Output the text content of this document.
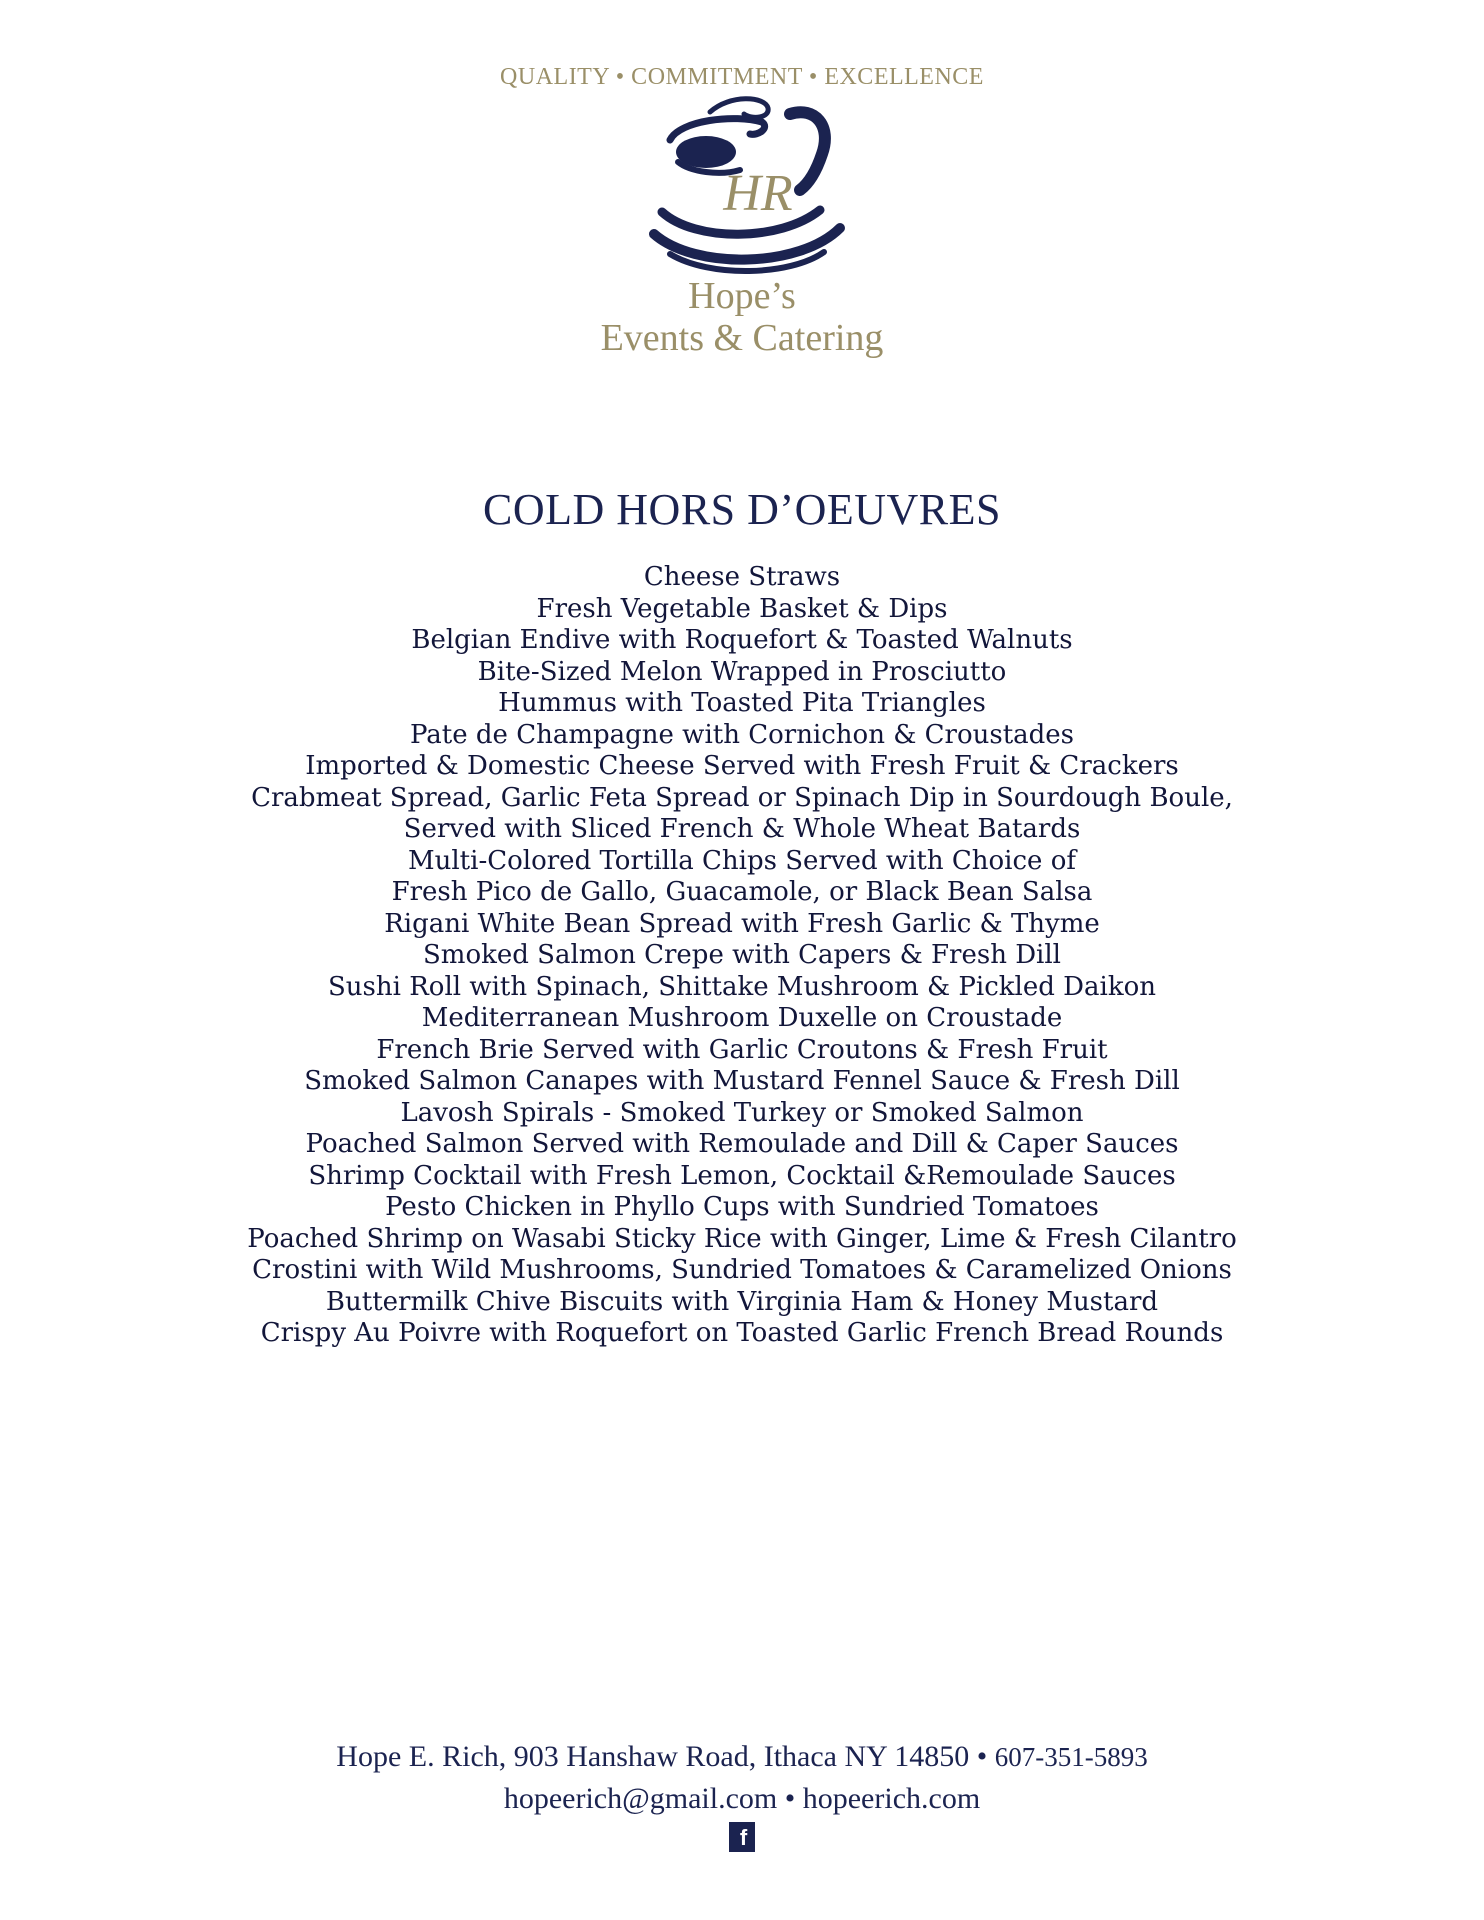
QUALITY • COMMITMENT • EXCELLENCE
HR
Hope’s
Events & Catering
COLD HORS D’OEUVRES
Cheese Straws
Fresh Vegetable Basket & Dips
Belgian Endive with Roquefort & Toasted Walnuts
Bite-Sized Melon Wrapped in Prosciutto
Hummus with Toasted Pita Triangles
Pate de Champagne with Cornichon & Croustades
Imported & Domestic Cheese Served with Fresh Fruit & Crackers
Crabmeat Spread, Garlic Feta Spread or Spinach Dip in Sourdough Boule,
Served with Sliced French & Whole Wheat Batards
Multi-Colored Tortilla Chips Served with Choice of
Fresh Pico de Gallo, Guacamole, or Black Bean Salsa
Rigani White Bean Spread with Fresh Garlic & Thyme
Smoked Salmon Crepe with Capers & Fresh Dill
Sushi Roll with Spinach, Shittake Mushroom & Pickled Daikon
Mediterranean Mushroom Duxelle on Croustade
French Brie Served with Garlic Croutons & Fresh Fruit
Smoked Salmon Canapes with Mustard Fennel Sauce & Fresh Dill
Lavosh Spirals - Smoked Turkey or Smoked Salmon
Poached Salmon Served with Remoulade and Dill & Caper Sauces
Shrimp Cocktail with Fresh Lemon, Cocktail &Remoulade Sauces
Pesto Chicken in Phyllo Cups with Sundried Tomatoes
Poached Shrimp on Wasabi Sticky Rice with Ginger, Lime & Fresh Cilantro
Crostini with Wild Mushrooms, Sundried Tomatoes & Caramelized Onions
Buttermilk Chive Biscuits with Virginia Ham & Honey Mustard
Crispy Au Poivre with Roquefort on Toasted Garlic French Bread Rounds
Hope E. Rich, 903 Hanshaw Road, Ithaca NY 14850 • 607-351-5893
hopeerich@gmail.com • hopeerich.com
f
